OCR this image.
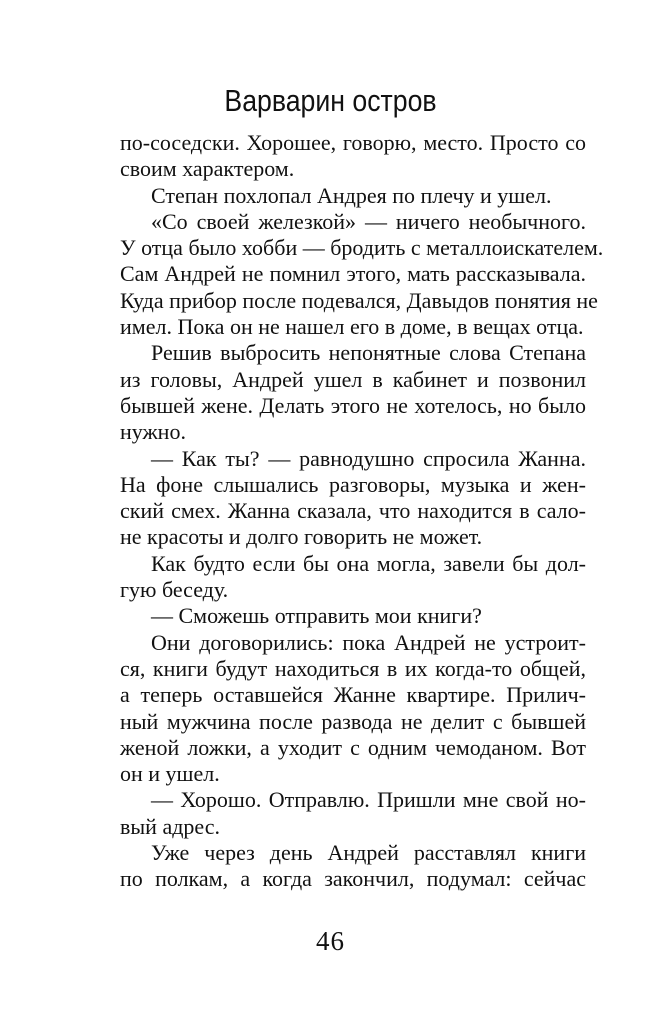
Варварин остров
по-соседски. Хорошее, говорю, место. Просто со
своим характером.
Степан похлопал Андрея по плечу и ушел.
«Со своей железкой» — ничего необычного.
У отца было хобби — бродить с металлоискателем.
Сам Андрей не помнил этого, мать рассказывала.
Куда прибор после подевался, Давыдов понятия не
имел. Пока он не нашел его в доме, в вещах отца.
Решив выбросить непонятные слова Степана
из головы, Андрей ушел в кабинет и позвонил
бывшей жене. Делать этого не хотелось, но было
нужно.
— Как ты? — равнодушно спросила Жанна.
На фоне слышались разговоры, музыка и жен-
ский смех. Жанна сказала, что находится в сало-
не красоты и долго говорить не может.
Как будто если бы она могла, завели бы дол-
гую беседу.
— Сможешь отправить мои книги?
Они договорились: пока Андрей не устроит-
ся, книги будут находиться в их когда-то общей,
а теперь оставшейся Жанне квартире. Прилич-
ный мужчина после развода не делит с бывшей
женой ложки, а уходит с одним чемоданом. Вот
он и ушел.
— Хорошо. Отправлю. Пришли мне свой но-
вый адрес.
Уже через день Андрей расставлял книги
по полкам, а когда закончил, подумал: сейчас
46
